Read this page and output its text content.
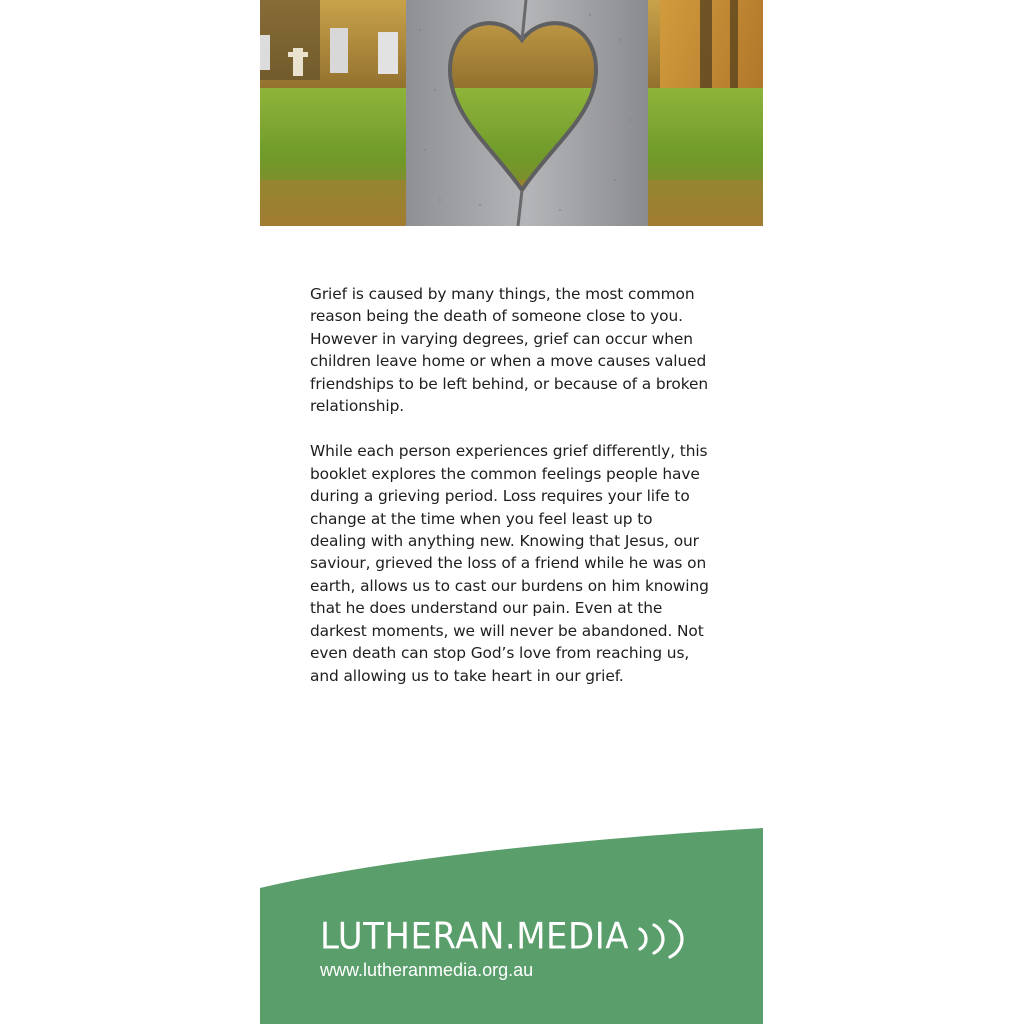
Grief is caused by many things, the most common reason being the death of someone close to you. However in varying degrees, grief can occur when children leave home or when a move causes valued friendships to be left behind, or because of a broken relationship.

While each person experiences grief differently, this booklet explores the common feelings people have during a grieving period. Loss requires your life to change at the time when you feel least up to dealing with anything new. Knowing that Jesus, our saviour, grieved the loss of a friend while he was on earth, allows us to cast our burdens on him knowing that he does understand our pain. Even at the darkest moments, we will never be abandoned. Not even death can stop God’s love from reaching us, and allowing us to take heart in our grief.

LUTHERAN.MEDIA
www.lutheranmedia.org.au
